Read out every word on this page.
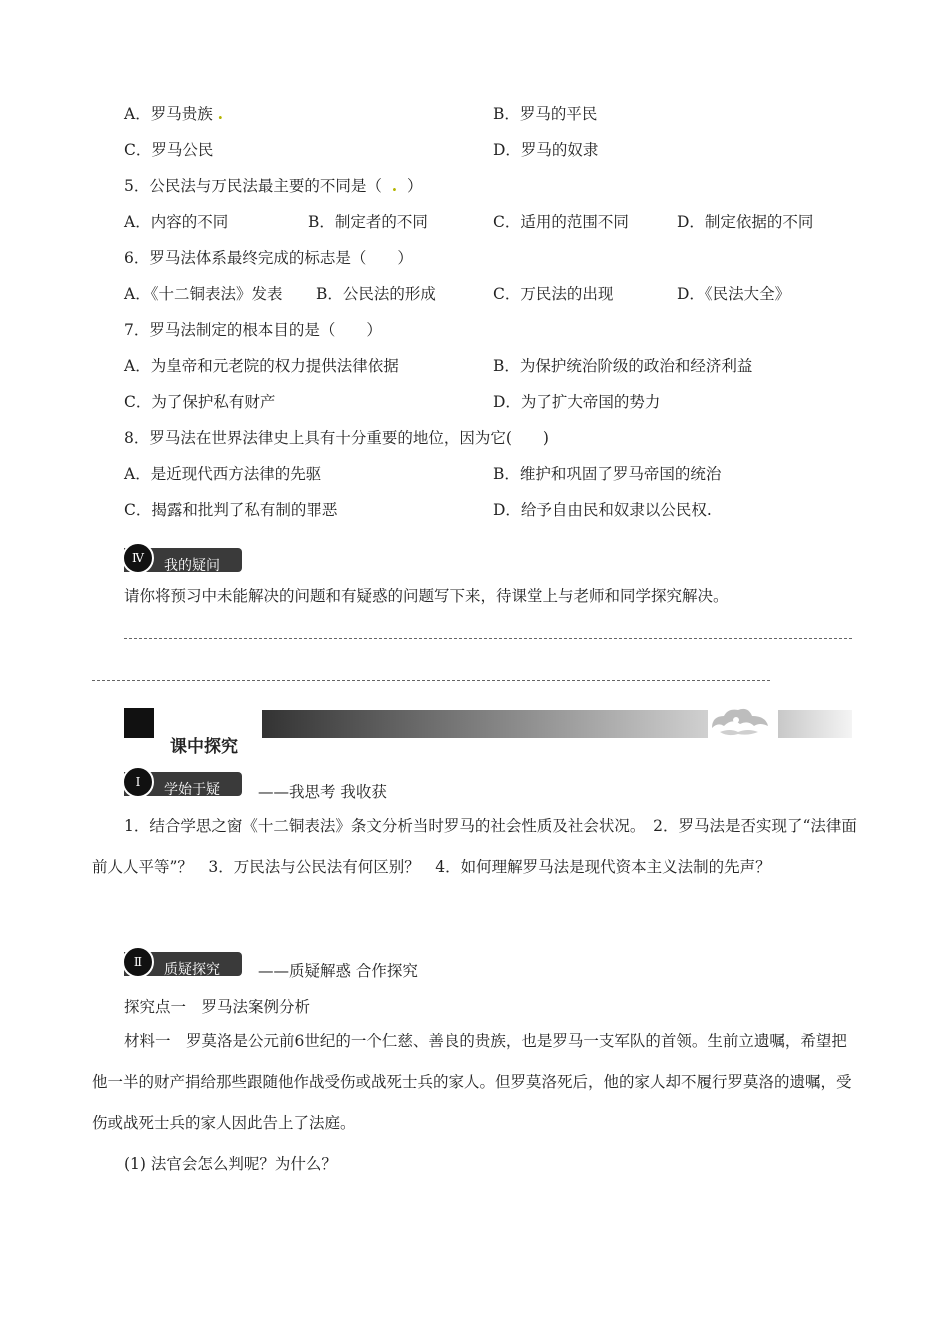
A．罗马贵族 .	B．罗马的平民
C．罗马公民	D．罗马的奴隶
5．公民法与万民法最主要的不同是（ . ）
A．内容的不同	B．制定者的不同	C．适用的范围不同	D．制定依据的不同
6．罗马法体系最终完成的标志是（　　）
A．《十二铜表法》发表 B．公民法的形成	C．万民法的出现	D．《民法大全》
7．罗马法制定的根本目的是（　　）
A．为皇帝和元老院的权力提供法律依据	B．为保护统治阶级的政治和经济利益
C．为了保护私有财产	D．为了扩大帝国的势力
8．罗马法在世界法律史上具有十分重要的地位，因为它(　　)
A．是近现代西方法律的先驱	B．维护和巩固了罗马帝国的统治
C．揭露和批判了私有制的罪恶	D．给予自由民和奴隶以公民权.
Ⅳ	我的疑问
请你将预习中未能解决的问题和有疑惑的问题写下来，待课堂上与老师和同学探究解决。
课中探究
Ⅰ	学始于疑 ——我思考 我收获
1．结合学思之窗《十二铜表法》条文分析当时罗马的社会性质及社会状况。　2．罗马法是否实现了“法律面前人人平等”？　3．万民法与公民法有何区别？　4．如何理解罗马法是现代资本主义法制的先声？
Ⅱ	质疑探究 ——质疑解惑 合作探究
探究点一　罗马法案例分析
材料一　罗莫洛是公元前6世纪的一个仁慈、善良的贵族，也是罗马一支军队的首领。生前立遗嘱，希望把他一半的财产捐给那些跟随他作战受伤或战死士兵的家人。但罗莫洛死后，他的家人却不履行罗莫洛的遗嘱，受伤或战死士兵的家人因此告上了法庭。
(1) 法官会怎么判呢？为什么？
